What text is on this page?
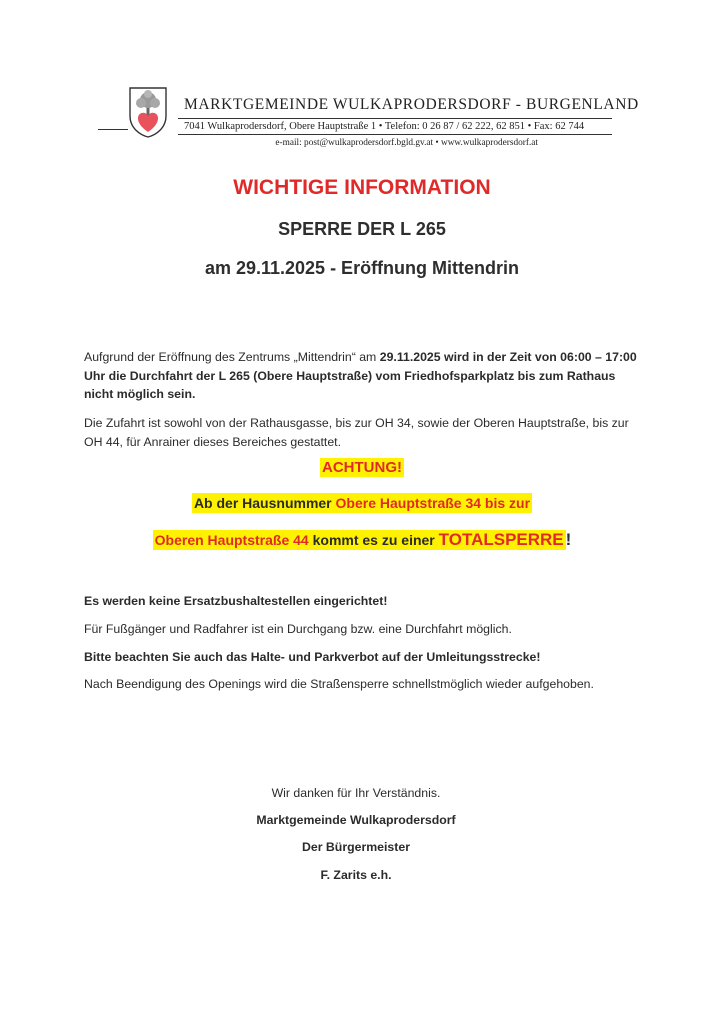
MARKTGEMEINDE WULKAPRODERSDORF - BURGENLAND
7041 Wulkaprodersdorf, Obere Hauptstraße 1 • Telefon: 0 26 87 / 62 222, 62 851 • Fax: 62 744
e-mail: post@wulkaprodersdorf.bgld.gv.at • www.wulkaprodersdorf.at
WICHTIGE INFORMATION
SPERRE DER L 265
am 29.11.2025 - Eröffnung Mittendrin
Aufgrund der Eröffnung des Zentrums „Mittendrin“ am 29.11.2025 wird in der Zeit von 06:00 – 17:00 Uhr die Durchfahrt der L 265 (Obere Hauptstraße) vom Friedhofsparkplatz bis zum Rathaus nicht möglich sein.
Die Zufahrt ist sowohl von der Rathausgasse, bis zur OH 34, sowie der Oberen Hauptstraße, bis zur OH 44, für Anrainer dieses Bereiches gestattet.
ACHTUNG!
Ab der Hausnummer Obere Hauptstraße 34 bis zur
Oberen Hauptstraße 44 kommt es zu einer TOTALSPERRE !
Es werden keine Ersatzbushaltestellen eingerichtet!
Für Fußgänger und Radfahrer ist ein Durchgang bzw. eine Durchfahrt möglich.
Bitte beachten Sie auch das Halte- und Parkverbot auf der Umleitungsstrecke!
Nach Beendigung des Openings wird die Straßensperre schnellstmöglich wieder aufgehoben.
Wir danken für Ihr Verständnis.
Marktgemeinde Wulkaprodersdorf
Der Bürgermeister
F. Zarits e.h.
